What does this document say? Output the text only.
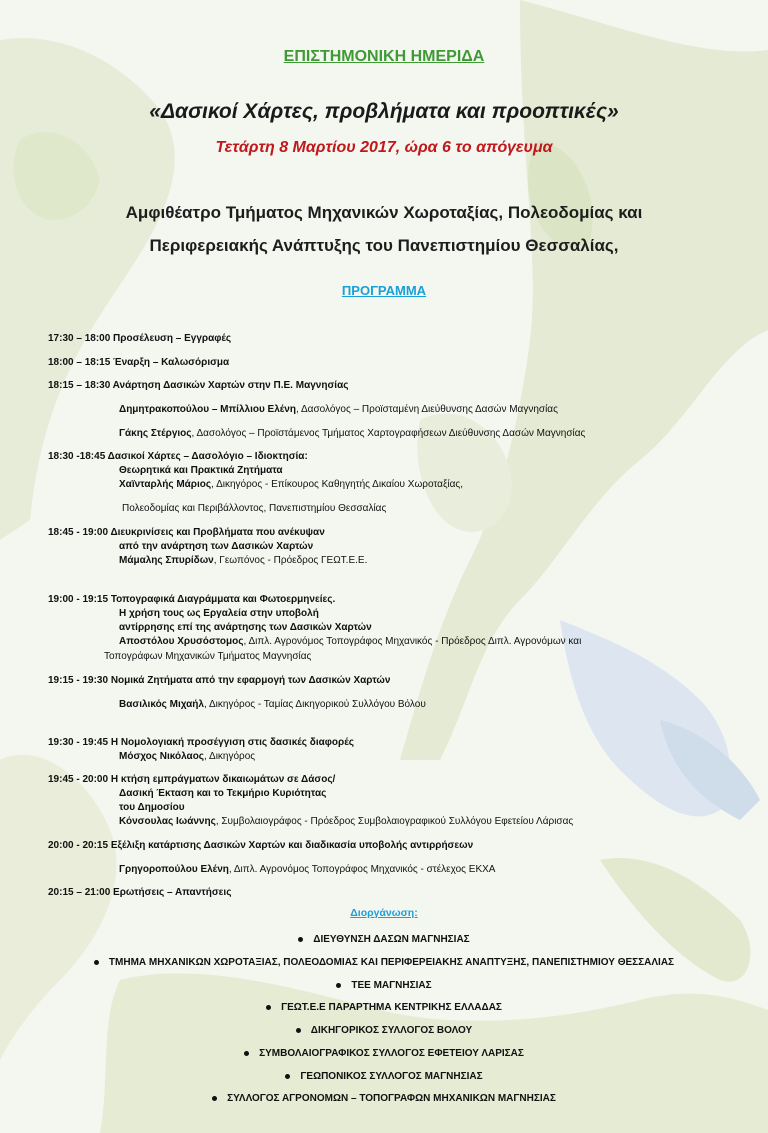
ΕΠΙΣΤΗΜΟΝΙΚΗ ΗΜΕΡΙΔΑ
«Δασικοί Χάρτες, προβλήματα και προοπτικές»
Τετάρτη 8 Μαρτίου 2017, ώρα 6 το απόγευμα
Αμφιθέατρο Τμήματος Μηχανικών Χωροταξίας, Πολεοδομίας και
Περιφερειακής Ανάπτυξης του Πανεπιστημίου Θεσσαλίας,
ΠΡΟΓΡΑΜΜΑ
17:30 – 18:00 Προσέλευση – Εγγραφές
18:00 – 18:15 Έναρξη – Καλωσόρισμα
18:15 – 18:30 Ανάρτηση Δασικών Χαρτών στην Π.Ε. Μαγνησίας
Δημητρακοπούλου – Μπίλλιου Ελένη, Δασολόγος – Προϊσταμένη Διεύθυνσης Δασών Μαγνησίας
Γάκης Στέργιος, Δασολόγος – Προϊστάμενος Τμήματος Χαρτογραφήσεων Διεύθυνσης Δασών Μαγνησίας
18:30 -18:45 Δασικοί Χάρτες – Δασολόγιο – Ιδιοκτησία:
Θεωρητικά και Πρακτικά Ζητήματα
Χαϊνταρλής Μάριος, Δικηγόρος - Επίκουρος Καθηγητής Δικαίου Χωροταξίας,
Πολεοδομίας και Περιβάλλοντος, Πανεπιστημίου Θεσσαλίας
18:45 - 19:00 Διευκρινίσεις και Προβλήματα που ανέκυψαν
από την ανάρτηση των Δασικών Χαρτών
Μάμαλης Σπυρίδων, Γεωπόνος - Πρόεδρος ΓΕΩΤ.Ε.Ε.
19:00 - 19:15 Τοπογραφικά Διαγράμματα και Φωτοερμηνείες.
Η χρήση τους ως Εργαλεία στην υποβολή
αντίρρησης επί της ανάρτησης των Δασικών Χαρτών
Αποστόλου Χρυσόστομος, Διπλ. Αγρονόμος Τοπογράφος Μηχανικός - Πρόεδρος Διπλ. Αγρονόμων και
Τοπογράφων Μηχανικών Τμήματος Μαγνησίας
19:15 - 19:30 Νομικά Ζητήματα από την εφαρμογή των Δασικών Χαρτών
Βασιλικός Μιχαήλ, Δικηγόρος - Ταμίας Δικηγορικού Συλλόγου Βόλου
19:30 - 19:45 Η Νομολογιακή προσέγγιση στις δασικές διαφορές
Μόσχος Νικόλαος, Δικηγόρος
19:45 - 20:00 Η κτήση εμπράγματων δικαιωμάτων σε Δάσος/
Δασική Έκταση και το Τεκμήριο Κυριότητας
του Δημοσίου
Κόνσουλας Ιωάννης, Συμβολαιογράφος - Πρόεδρος Συμβολαιογραφικού Συλλόγου Εφετείου Λάρισας
20:00 - 20:15 Εξέλιξη κατάρτισης Δασικών Χαρτών και διαδικασία υποβολής αντιρρήσεων
Γρηγοροπούλου Ελένη, Διπλ. Αγρονόμος Τοπογράφος Μηχανικός - στέλεχος ΕΚΧΑ
20:15 – 21:00 Ερωτήσεις – Απαντήσεις
Διοργάνωση:
ΔΙΕΥΘΥΝΣΗ ΔΑΣΩΝ ΜΑΓΝΗΣΙΑΣ
ΤΜΗΜΑ ΜΗΧΑΝΙΚΩΝ ΧΩΡΟΤΑΞΙΑΣ, ΠΟΛΕΟΔΟΜΙΑΣ ΚΑΙ ΠΕΡΙΦΕΡΕΙΑΚΗΣ ΑΝΑΠΤΥΞΗΣ, ΠΑΝΕΠΙΣΤΗΜΙΟΥ ΘΕΣΣΑΛΙΑΣ
ΤΕΕ ΜΑΓΝΗΣΙΑΣ
ΓΕΩΤ.Ε.Ε ΠΑΡΑΡΤΗΜΑ ΚΕΝΤΡΙΚΗΣ ΕΛΛΑΔΑΣ
ΔΙΚΗΓΟΡΙΚΟΣ ΣΥΛΛΟΓΟΣ ΒΟΛΟΥ
ΣΥΜΒΟΛΑΙΟΓΡΑΦΙΚΟΣ ΣΥΛΛΟΓΟΣ ΕΦΕΤΕΙΟΥ ΛΑΡΙΣΑΣ
ΓΕΩΠΟΝΙΚΟΣ ΣΥΛΛΟΓΟΣ ΜΑΓΝΗΣΙΑΣ
ΣΥΛΛΟΓΟΣ ΑΓΡΟΝΟΜΩΝ – ΤΟΠΟΓΡΑΦΩΝ ΜΗΧΑΝΙΚΩΝ ΜΑΓΝΗΣΙΑΣ
